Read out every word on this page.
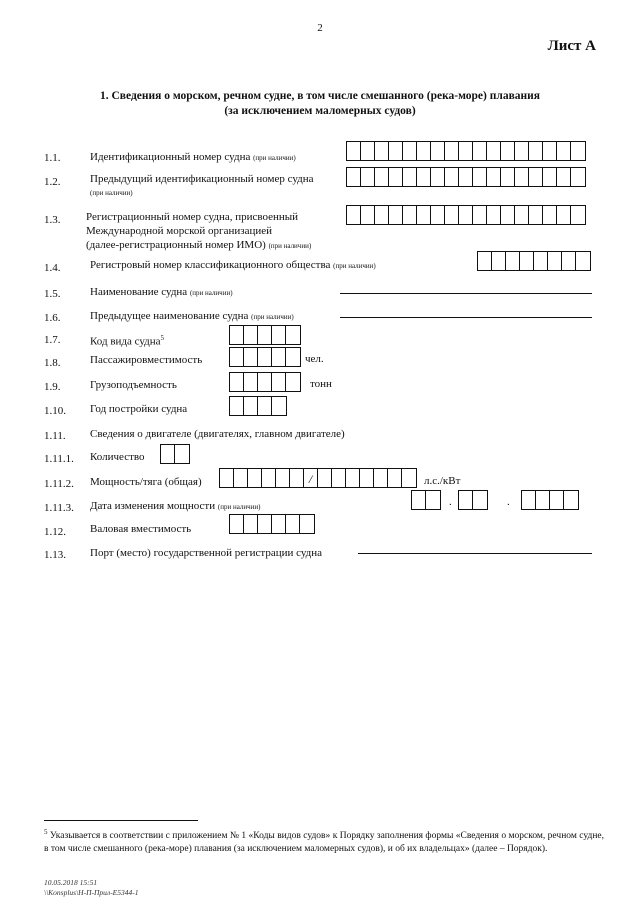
2
Лист А
1. Сведения о морском, речном судне, в том числе смешанного (река-море) плавания
(за исключением маломерных судов)
1.1.	Идентификационный номер судна (при наличии)
1.2.	Предыдущий идентификационный номер судна
(при наличии)
1.3. Регистрационный номер судна, присвоенный
Международной морской организацией
(далее-регистрационный номер ИМО) (при наличии)
1.4.	Регистровый номер классификационного общества (при наличии)
1.5.	Наименование судна (при наличии)
1.6.	Предыдущее наименование судна (при наличии)
1.7.	Код вида судна$^5$
1.8.	Пассажировместимость	чел.
1.9.	Грузоподъемность	тонн
1.10. Год постройки судна
1.11. Сведения о двигателе (двигателях, главном двигателе)
1.11.1. Количество
1.11.2. Мощность/тяга (общая)	/	л.с./кВт
1.11.3. Дата изменения мощности (при наличии)	.	.
1.12. Валовая вместимость
1.13. Порт (место) государственной регистрации судна
$^5$ Указывается в соответствии с приложением № 1 «Коды видов судов» к Порядку заполнения формы «Сведения о морском, речном судне, в том числе смешанного (река-море) плавания (за исключением маломерных судов), и об их владельцах» (далее – Порядок).
10.05.2018 15:51
\\Konsplus\Н-П-Прил-Е5344-1
